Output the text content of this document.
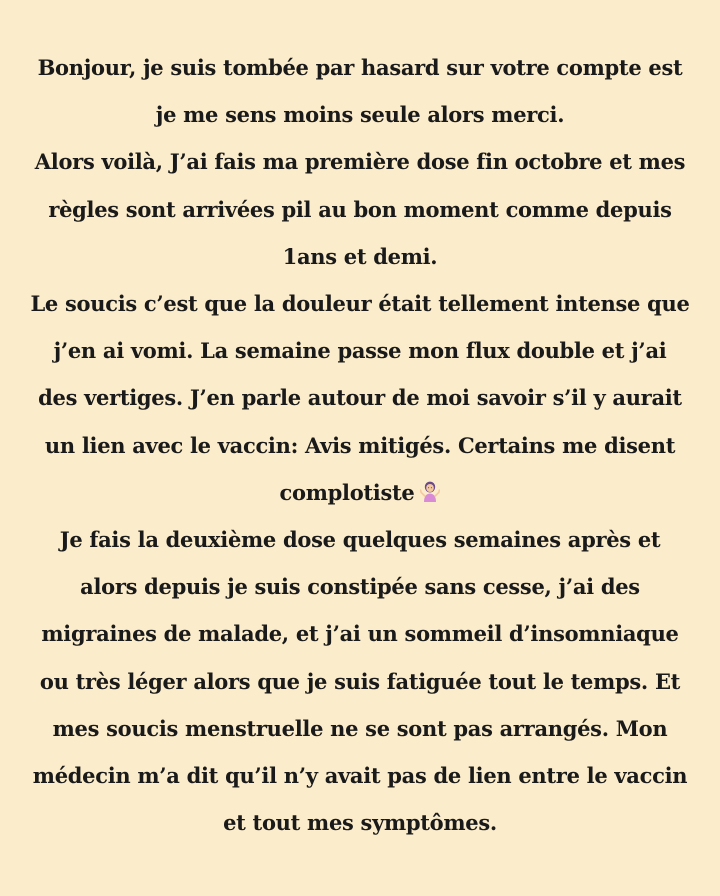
Bonjour, je suis tombée par hasard sur votre compte est
je me sens moins seule alors merci.
Alors voilà, J’ai fais ma première dose fin octobre et mes
règles sont arrivées pil au bon moment comme depuis
1ans et demi.
Le soucis c’est que la douleur était tellement intense que
j’en ai vomi. La semaine passe mon flux double et j’ai
des vertiges. J’en parle autour de moi savoir s’il y aurait
un lien avec le vaccin: Avis mitigés. Certains me disent
complotiste
Je fais la deuxième dose quelques semaines après et
alors depuis je suis constipée sans cesse, j’ai des
migraines de malade, et j’ai un sommeil d’insomniaque
ou très léger alors que je suis fatiguée tout le temps. Et
mes soucis menstruelle ne se sont pas arrangés. Mon
médecin m’a dit qu’il n’y avait pas de lien entre le vaccin
et tout mes symptômes.
